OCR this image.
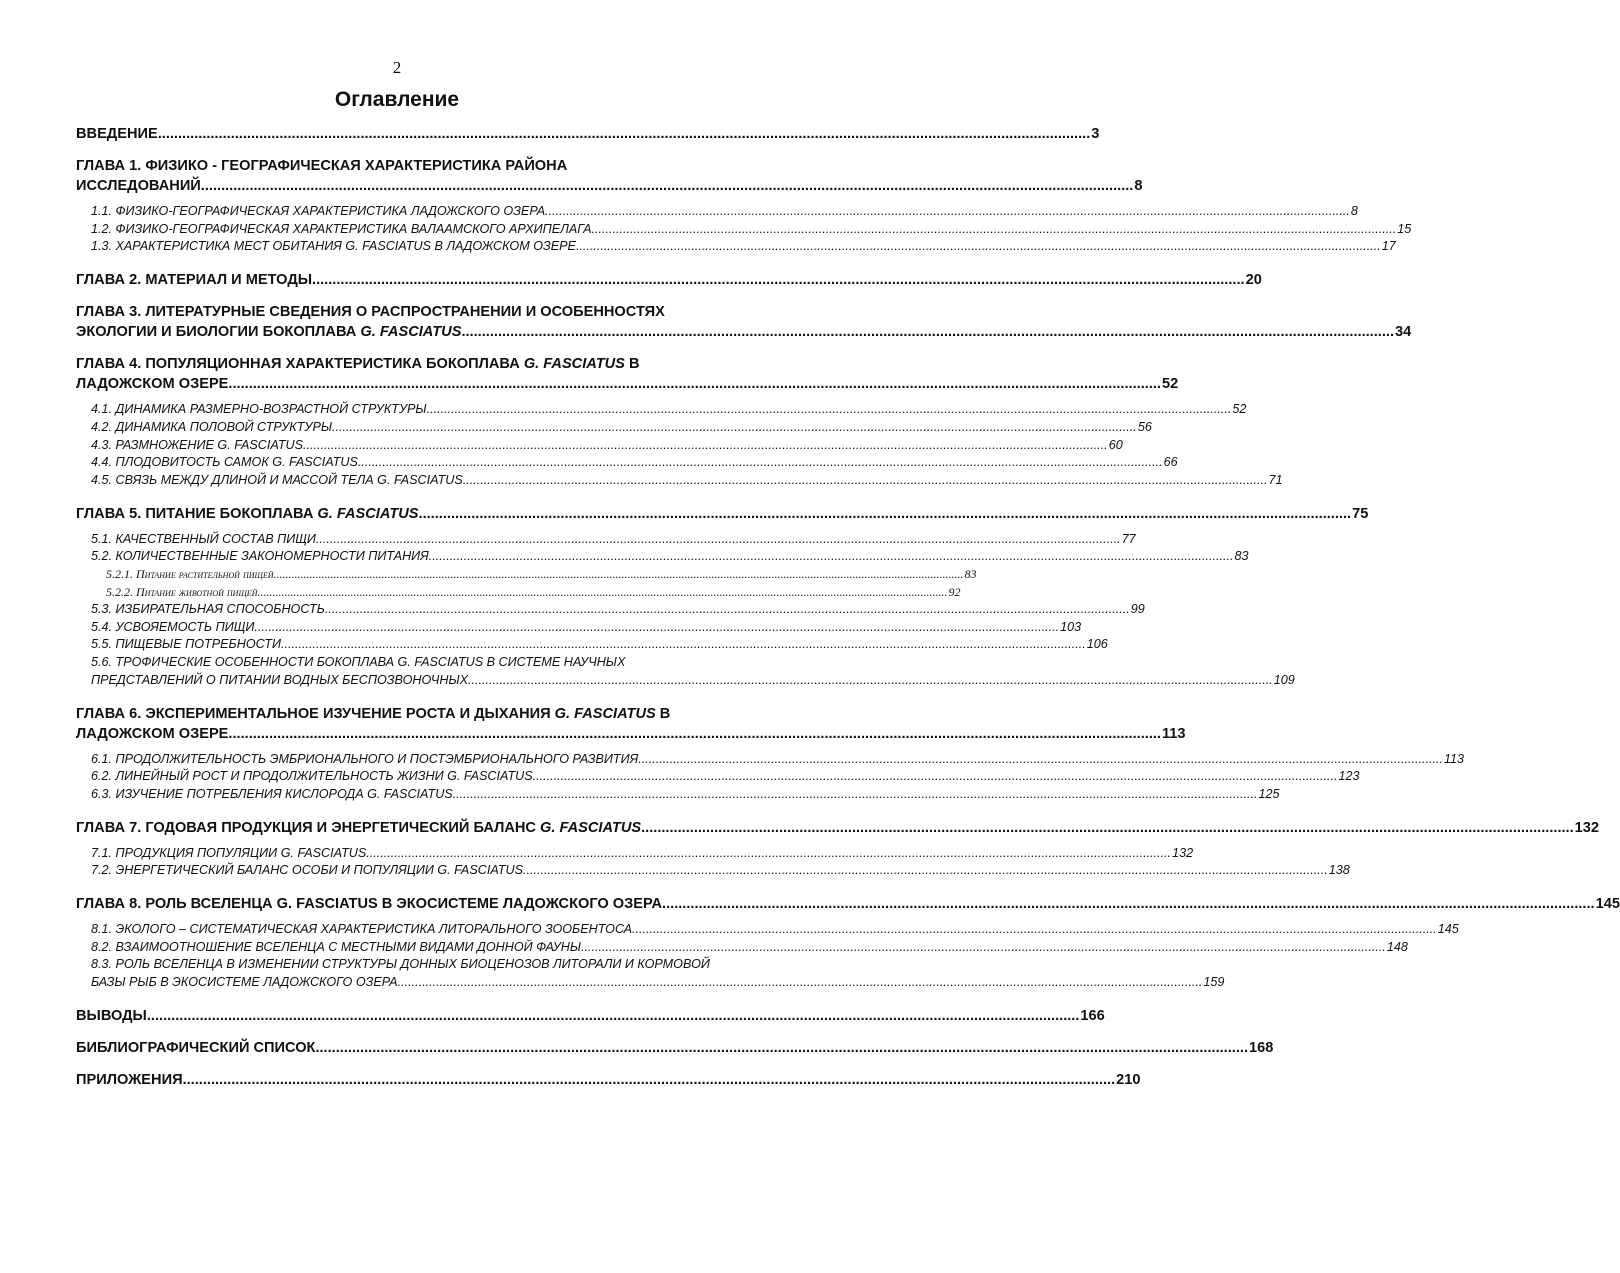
2
Оглавление
ВВЕДЕНИЕ .....	3
ГЛАВА 1. ФИЗИКО - ГЕОГРАФИЧЕСКАЯ ХАРАКТЕРИСТИКА РАЙОНА
ИССЛЕДОВАНИЙ .....	8
1.1. ФИЗИКО-ГЕОГРАФИЧЕСКАЯ ХАРАКТЕРИСТИКА ЛАДОЖСКОГО ОЗЕРА .....	8
1.2. ФИЗИКО-ГЕОГРАФИЧЕСКАЯ ХАРАКТЕРИСТИКА ВАЛААМСКОГО АРХИПЕЛАГА .....	15
1.3. ХАРАКТЕРИСТИКА МЕСТ ОБИТАНИЯ G. FASCIATUS В ЛАДОЖСКОМ ОЗЕРЕ .....	17
ГЛАВА 2. МАТЕРИАЛ И МЕТОДЫ .....	20
ГЛАВА 3. ЛИТЕРАТУРНЫЕ СВЕДЕНИЯ О РАСПРОСТРАНЕНИИ И ОСОБЕННОСТЯХ
ЭКОЛОГИИ И БИОЛОГИИ БОКОПЛАВА G. FASCIATUS .....	34
ГЛАВА 4. ПОПУЛЯЦИОННАЯ ХАРАКТЕРИСТИКА БОКОПЛАВА G. FASCIATUS В
ЛАДОЖСКОМ ОЗЕРЕ .....	52
4.1. ДИНАМИКА РАЗМЕРНО-ВОЗРАСТНОЙ СТРУКТУРЫ .....	52
4.2. ДИНАМИКА ПОЛОВОЙ СТРУКТУРЫ .....	56
4.3. РАЗМНОЖЕНИЕ G. FASCIATUS .....	60
4.4. ПЛОДОВИТОСТЬ САМОК G. FASCIATUS .....	66
4.5. СВЯЗЬ МЕЖДУ ДЛИНОЙ И МАССОЙ ТЕЛА G. FASCIATUS .....	71
ГЛАВА 5. ПИТАНИЕ БОКОПЛАВА G. FASCIATUS .....	75
5.1. КАЧЕСТВЕННЫЙ СОСТАВ ПИЩИ .....	77
5.2. КОЛИЧЕСТВЕННЫЕ ЗАКОНОМЕРНОСТИ ПИТАНИЯ .....	83
5.2.1. Питание растительной пищей .....	83
5.2.2. Питание животной пищей .....	92
5.3. ИЗБИРАТЕЛЬНАЯ СПОСОБНОСТЬ .....	99
5.4. УСВОЯЕМОСТЬ ПИЩИ .....	103
5.5. ПИЩЕВЫЕ ПОТРЕБНОСТИ .....	106
5.6. ТРОФИЧЕСКИЕ ОСОБЕННОСТИ БОКОПЛАВА G. FASCIATUS В СИСТЕМЕ НАУЧНЫХ
ПРЕДСТАВЛЕНИЙ О ПИТАНИИ ВОДНЫХ БЕСПОЗВОНОЧНЫХ .....	109
ГЛАВА 6. ЭКСПЕРИМЕНТАЛЬНОЕ ИЗУЧЕНИЕ РОСТА И ДЫХАНИЯ G. FASCIATUS В
ЛАДОЖСКОМ ОЗЕРЕ .....	113
6.1. ПРОДОЛЖИТЕЛЬНОСТЬ ЭМБРИОНАЛЬНОГО И ПОСТЭМБРИОНАЛЬНОГО РАЗВИТИЯ .....	113
6.2. ЛИНЕЙНЫЙ РОСТ И ПРОДОЛЖИТЕЛЬНОСТЬ ЖИЗНИ G. FASCIATUS .....	123
6.3. ИЗУЧЕНИЕ ПОТРЕБЛЕНИЯ КИСЛОРОДА G. FASCIATUS .....	125
ГЛАВА 7. ГОДОВАЯ ПРОДУКЦИЯ И ЭНЕРГЕТИЧЕСКИЙ БАЛАНС G. FASCIATUS .....	132
7.1. ПРОДУКЦИЯ ПОПУЛЯЦИИ G. FASCIATUS .....	132
7.2. ЭНЕРГЕТИЧЕСКИЙ БАЛАНС ОСОБИ И ПОПУЛЯЦИИ G. FASCIATUS .....	138
ГЛАВА 8. РОЛЬ ВСЕЛЕНЦА G. FASCIATUS В ЭКОСИСТЕМЕ ЛАДОЖСКОГО ОЗЕРА .....	145
8.1. ЭКОЛОГО – СИСТЕМАТИЧЕСКАЯ ХАРАКТЕРИСТИКА ЛИТОРАЛЬНОГО ЗООБЕНТОСА .....	145
8.2. ВЗАИМООТНОШЕНИЕ ВСЕЛЕНЦА С МЕСТНЫМИ ВИДАМИ ДОННОЙ ФАУНЫ .....	148
8.3. РОЛЬ ВСЕЛЕНЦА В ИЗМЕНЕНИИ СТРУКТУРЫ ДОННЫХ БИОЦЕНОЗОВ ЛИТОРАЛИ И КОРМОВОЙ
БАЗЫ РЫБ В ЭКОСИСТЕМЕ ЛАДОЖСКОГО ОЗЕРА .....	159
ВЫВОДЫ .....	166
БИБЛИОГРАФИЧЕСКИЙ СПИСОК .....	168
ПРИЛОЖЕНИЯ .....	210
